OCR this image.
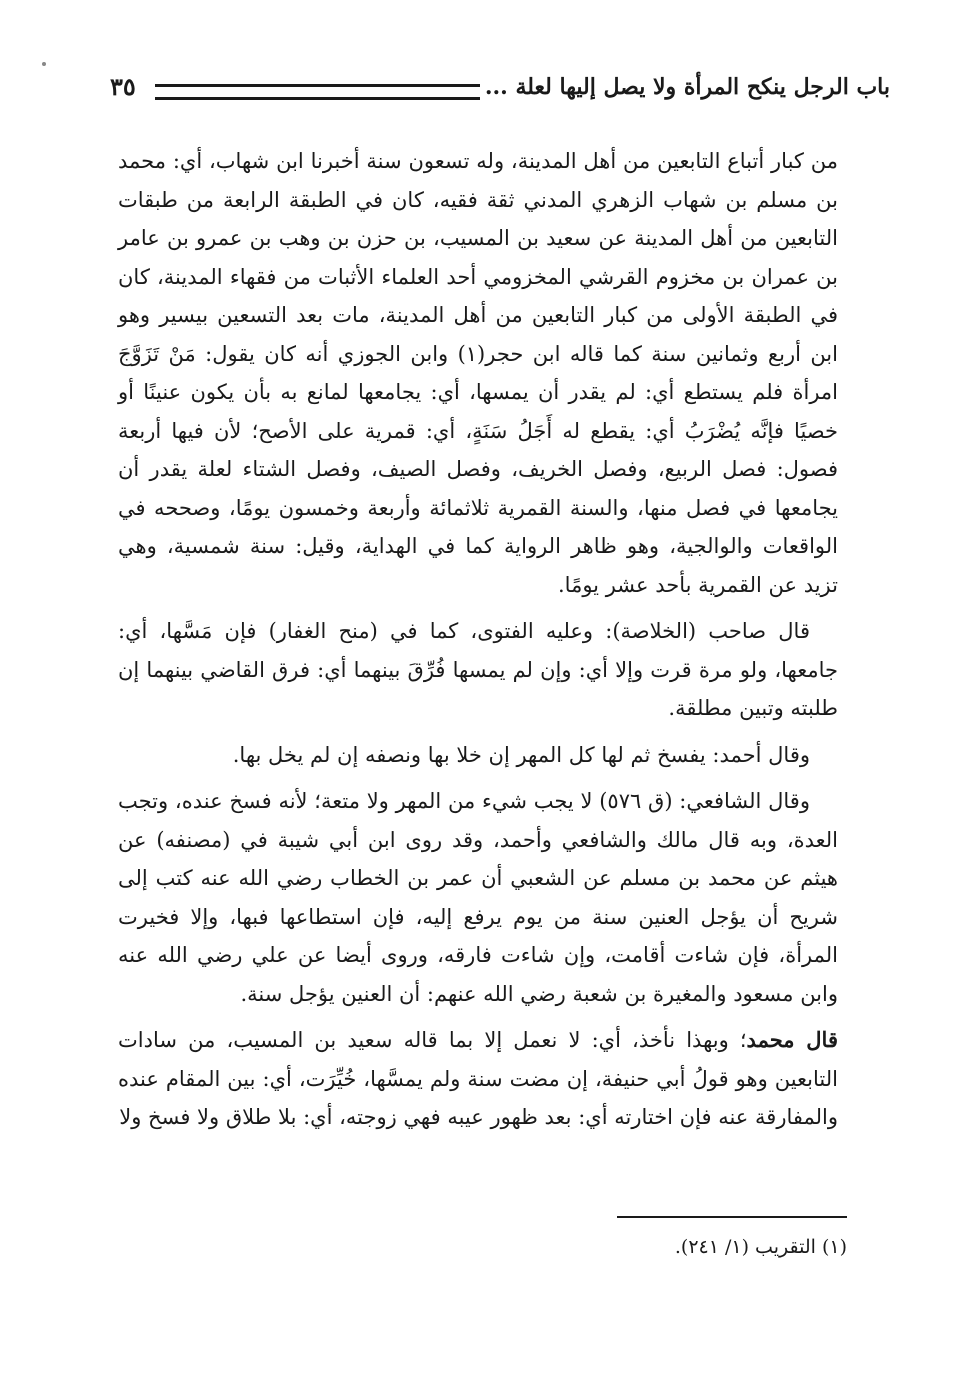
باب الرجل ينكح المرأة ولا يصل إليها لعلة ...
٣٥

من كبار أتباع التابعين من أهل المدينة، وله تسعون سنة أخبرنا ابن شهاب، أي: محمد بن مسلم بن شهاب الزهري المدني ثقة فقيه، كان في الطبقة الرابعة من طبقات التابعين من أهل المدينة عن سعيد بن المسيب، بن حزن بن وهب بن عمرو بن عامر بن عمران بن مخزوم القرشي المخزومي أحد العلماء الأثبات من فقهاء المدينة، كان في الطبقة الأولى من كبار التابعين من أهل المدينة، مات بعد التسعين بيسير وهو ابن أربع وثمانين سنة كما قاله ابن حجر(١) وابن الجوزي أنه كان يقول: مَنْ تَزَوَّجَ امرأة فلم يستطع أي: لم يقدر أن يمسها، أي: يجامعها لمانع به بأن يكون عنينًا أو خصيًا فإنَّه يُضْرَبُ أي: يقطع له أَجَلُ سَنَةٍ، أي: قمرية على الأصح؛ لأن فيها أربعة فصول: فصل الربيع، وفصل الخريف، وفصل الصيف، وفصل الشتاء لعلة يقدر أن يجامعها في فصل منها، والسنة القمرية ثلاثمائة وأربعة وخمسون يومًا، وصححه في الواقعات والوالجية، وهو ظاهر الرواية كما في الهداية، وقيل: سنة شمسية، وهي تزيد عن القمرية بأحد عشر يومًا.

قال صاحب (الخلاصة): وعليه الفتوى، كما في (منح الغفار) فإن مَسَّها، أي: جامعها، ولو مرة قرت وإلا أي: وإن لم يمسها فُرِّقَ بينهما أي: فرق القاضي بينهما إن طلبته وتبين مطلقة.

وقال أحمد: يفسخ ثم لها كل المهر إن خلا بها ونصفه إن لم يخل بها.

وقال الشافعي: (ق ٥٧٦) لا يجب شيء من المهر ولا متعة؛ لأنه فسخ عنده، وتجب العدة، وبه قال مالك والشافعي وأحمد، وقد روى ابن أبي شيبة في (مصنفه) عن هيثم عن محمد بن مسلم عن الشعبي أن عمر بن الخطاب رضي الله عنه كتب إلى شريح أن يؤجل العنين سنة من يوم يرفع إليه، فإن استطاعها فبها، وإلا فخيرت المرأة، فإن شاءت أقامت، وإن شاءت فارقه، وروى أيضا عن علي رضي الله عنه وابن مسعود والمغيرة بن شعبة رضي الله عنهم: أن العنين يؤجل سنة.

قال محمد؛ وبهذا نأخذ، أي: لا نعمل إلا بما قاله سعيد بن المسيب، من سادات التابعين وهو قولُ أبي حنيفة، إن مضت سنة ولم يمسَّها، خُيِّرَت، أي: بين المقام عنده والمفارقة عنه فإن اختارته أي: بعد ظهور عيبه فهي زوجته، أي: بلا طلاق ولا فسخ ولا

(١) التقريب (١/ ٢٤١).
